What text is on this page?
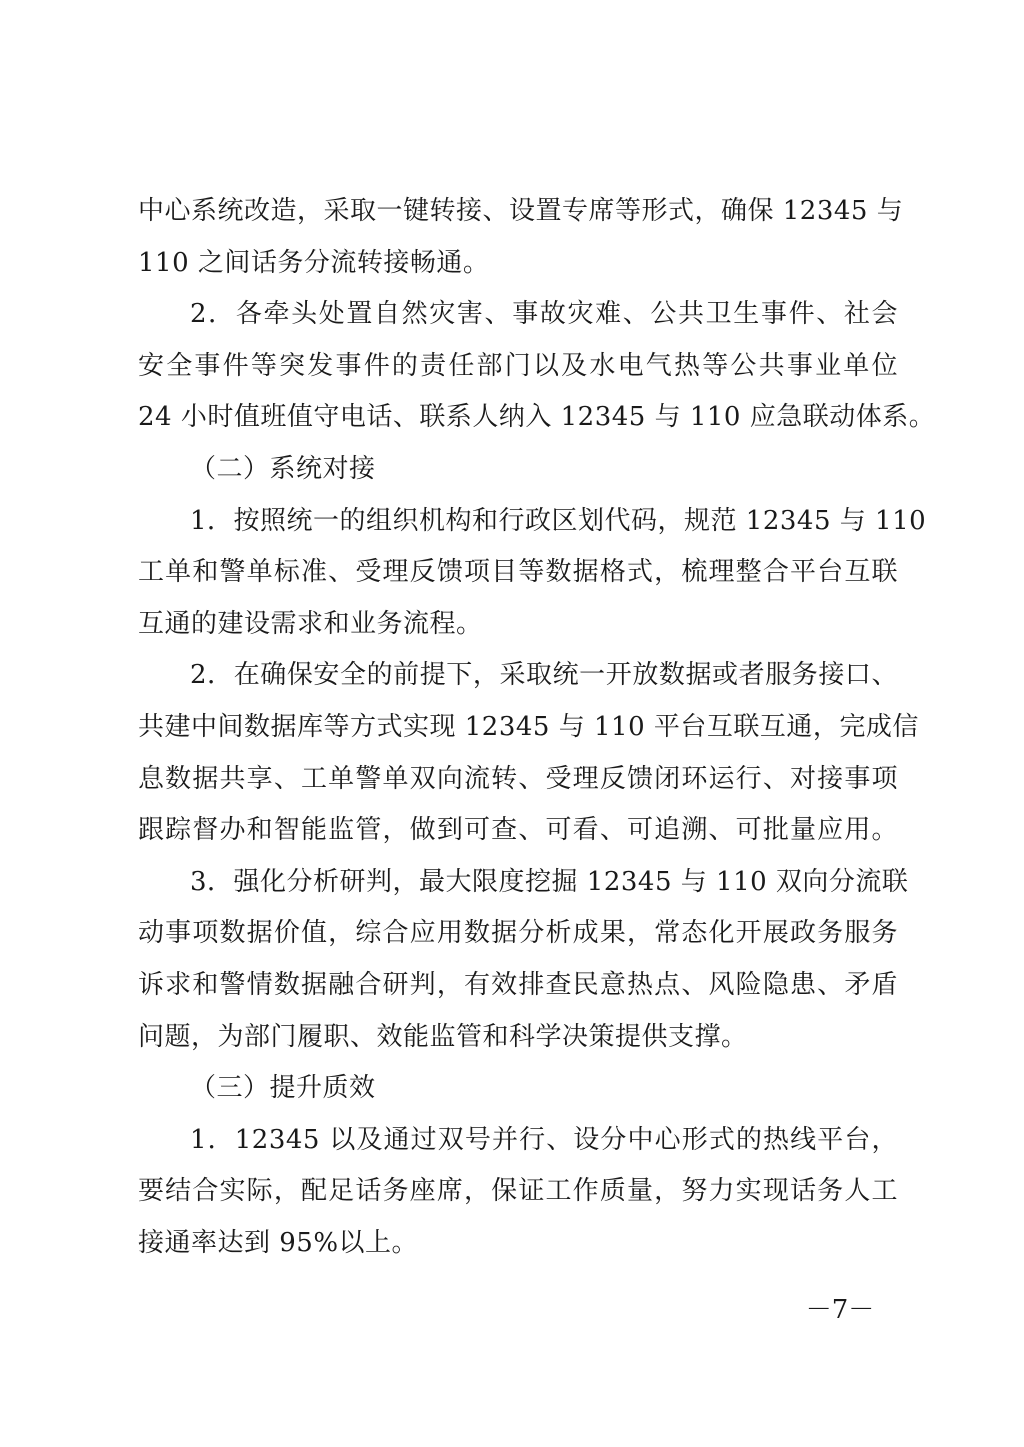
中心系统改造，采取一键转接、设置专席等形式，确保 12345 与
110 之间话务分流转接畅通。
2．各牵头处置自然灾害、事故灾难、公共卫生事件、社会
安全事件等突发事件的责任部门以及水电气热等公共事业单位
24 小时值班值守电话、联系人纳入 12345 与 110 应急联动体系。
（二）系统对接
1．按照统一的组织机构和行政区划代码，规范 12345 与 110
工单和警单标准、受理反馈项目等数据格式，梳理整合平台互联
互通的建设需求和业务流程。
2．在确保安全的前提下，采取统一开放数据或者服务接口、
共建中间数据库等方式实现 12345 与 110 平台互联互通，完成信
息数据共享、工单警单双向流转、受理反馈闭环运行、对接事项
跟踪督办和智能监管，做到可查、可看、可追溯、可批量应用。
3．强化分析研判，最大限度挖掘 12345 与 110 双向分流联
动事项数据价值，综合应用数据分析成果，常态化开展政务服务
诉求和警情数据融合研判，有效排查民意热点、风险隐患、矛盾
问题，为部门履职、效能监管和科学决策提供支撑。
（三）提升质效
1．12345 以及通过双号并行、设分中心形式的热线平台，
要结合实际，配足话务座席，保证工作质量，努力实现话务人工
接通率达到 95%以上。
－7－
